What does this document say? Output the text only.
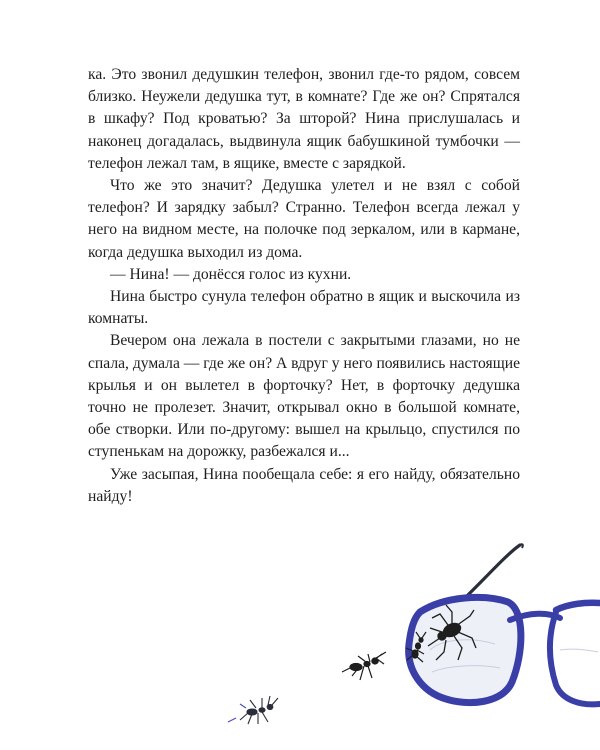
ка. Это звонил дедушкин телефон, звонил где-то рядом, совсем близко. Неужели дедушка тут, в комнате? Где же он? Спрятался в шкафу? Под кроватью? За шторой? Нина прислушалась и наконец догадалась, выдвинула ящик бабушкиной тумбочки — телефон лежал там, в ящике, вместе с зарядкой.

Что же это значит? Дедушка улетел и не взял с собой телефон? И зарядку забыл? Странно. Телефон всегда лежал у него на видном месте, на полочке под зеркалом, или в кармане, когда дедушка выходил из дома.

— Нина! — донёсся голос из кухни.

Нина быстро сунула телефон обратно в ящик и выскочила из комнаты.

Вечером она лежала в постели с закрытыми глазами, но не спала, думала — где же он? А вдруг у него появились настоящие крылья и он вылетел в форточку? Нет, в форточку дедушка точно не пролезет. Значит, открывал окно в большой комнате, обе створки. Или по-другому: вышел на крыльцо, спустился по ступенькам на дорожку, разбежался и...

Уже засыпая, Нина пообещала себе: я его найду, обязательно найду!
